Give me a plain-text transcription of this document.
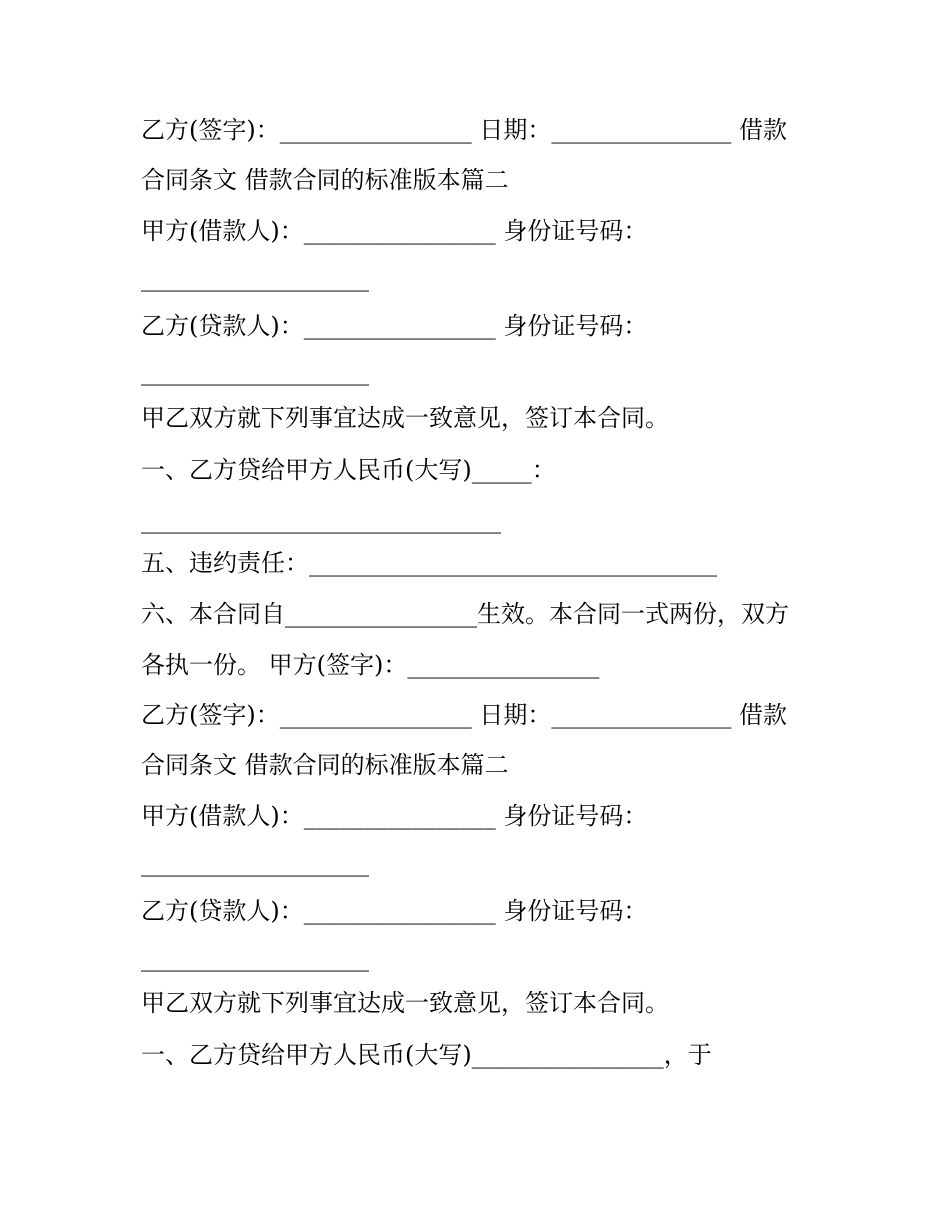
乙方(签字)：________________ 日期：_______________ 借款
合同条文 借款合同的标准版本篇二
甲方(借款人)：________________ 身份证号码：
___________________
乙方(贷款人)：________________ 身份证号码：
___________________
甲乙双方就下列事宜达成一致意见，签订本合同。
一、乙方贷给甲方人民币(大写)_____：
______________________________
五、违约责任：__________________________________
六、本合同自________________生效。本合同一式两份，双方
各执一份。 甲方(签字)：________________
乙方(签字)：________________ 日期：_______________ 借款
合同条文 借款合同的标准版本篇二
甲方(借款人)：________________ 身份证号码：
___________________
乙方(贷款人)：________________ 身份证号码：
___________________
甲乙双方就下列事宜达成一致意见，签订本合同。
一、乙方贷给甲方人民币(大写)________________，于
